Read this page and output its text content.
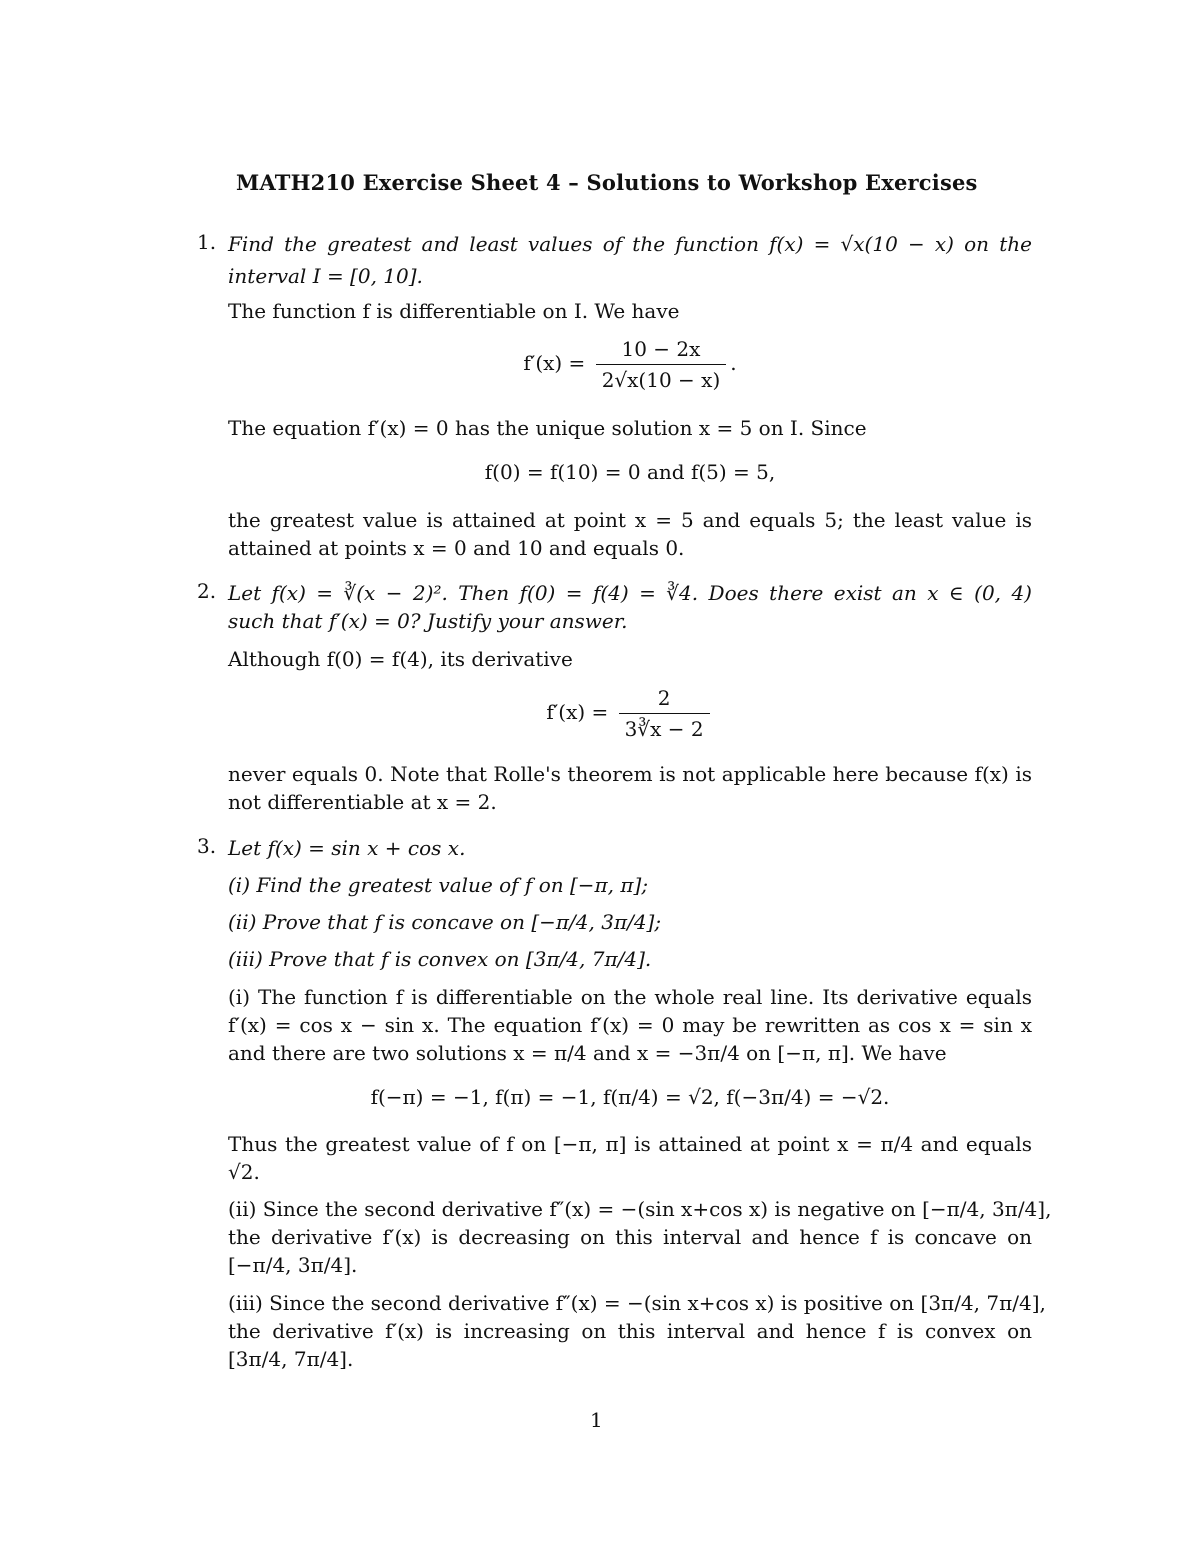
MATH210 Exercise Sheet 4 – Solutions to Workshop Exercises
1. Find the greatest and least values of the function f(x) = √x(10 − x) on the
interval I = [0, 10].
The function f is differentiable on I. We have
$f'(x) = \frac{10 - 2x}{2√x(10 - x)}$ .
The equation f′(x) = 0 has the unique solution x = 5 on I. Since
f(0) = f(10) = 0 and f(5) = 5,
the greatest value is attained at point x = 5 and equals 5; the least value is
attained at points x = 0 and 10 and equals 0.
2. Let f(x) = ∛(x − 2)². Then f(0) = f(4) = ∛4. Does there exist an x ∈ (0, 4)
such that f′(x) = 0? Justify your answer.
Although f(0) = f(4), its derivative
$f'(x) = \frac{2}{3∛x - 2}$
never equals 0. Note that Rolle's theorem is not applicable here because f(x) is
not differentiable at x = 2.
3. Let f(x) = sin x + cos x.
(i) Find the greatest value of f on [−π, π];
(ii) Prove that f is concave on [−π/4, 3π/4];
(iii) Prove that f is convex on [3π/4, 7π/4].
(i) The function f is differentiable on the whole real line. Its derivative equals
f′(x) = cos x − sin x. The equation f′(x) = 0 may be rewritten as cos x = sin x
and there are two solutions x = π/4 and x = −3π/4 on [−π, π]. We have
f(−π) = −1, f(π) = −1, f(π/4) = √2, f(−3π/4) = −√2.
Thus the greatest value of f on [−π, π] is attained at point x = π/4 and equals
√2.
(ii) Since the second derivative f″(x) = −(sin x+cos x) is negative on [−π/4, 3π/4],
the derivative f′(x) is decreasing on this interval and hence f is concave on
[−π/4, 3π/4].
(iii) Since the second derivative f″(x) = −(sin x+cos x) is positive on [3π/4, 7π/4],
the derivative f′(x) is increasing on this interval and hence f is convex on
[3π/4, 7π/4].
1
